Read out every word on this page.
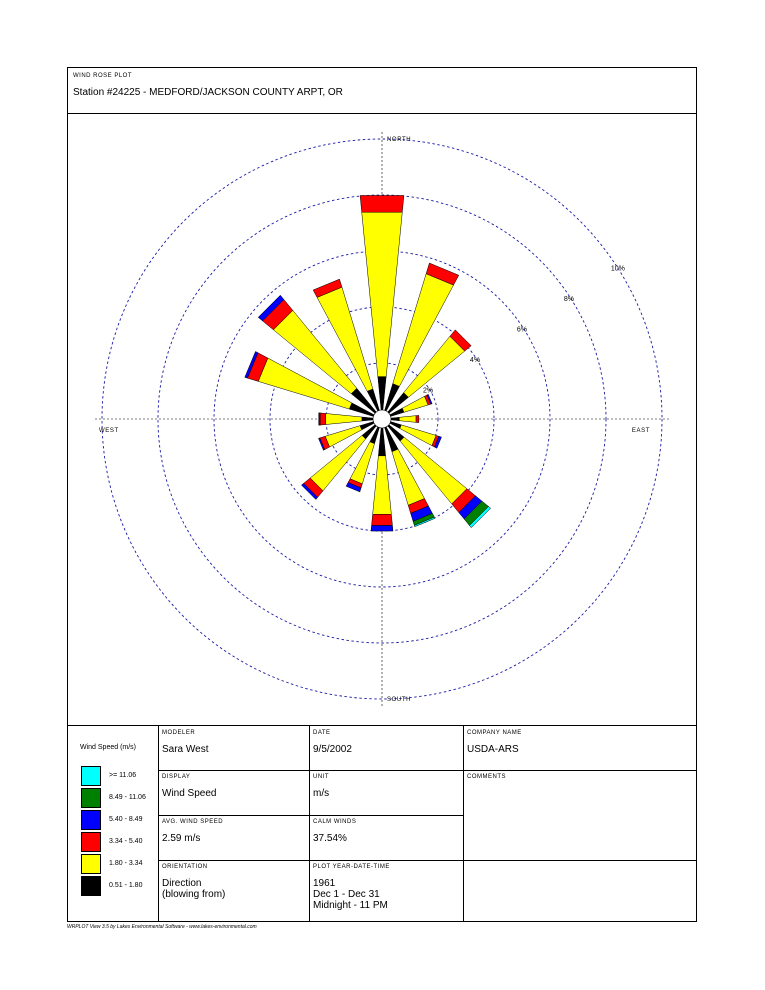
WIND ROSE PLOT
Station #24225 - MEDFORD/JACKSON COUNTY ARPT, OR
2%
4%
6%
8%
10%
NORTH
SOUTH
EAST
WEST
Wind Speed (m/s)
>= 11.06
8.49 - 11.06
5.40 - 8.49
3.34 - 5.40
1.80 - 3.34
0.51 - 1.80
MODELER
Sara West
DATE
9/5/2002
COMPANY NAME
USDA-ARS
DISPLAY
Wind Speed
UNIT
m/s
COMMENTS
AVG. WIND SPEED
2.59 m/s
CALM WINDS
37.54%
ORIENTATION
Direction
(blowing from)
PLOT YEAR-DATE-TIME
1961
Dec 1 - Dec 31
Midnight - 11 PM
WRPLOT View 3.5 by Lakes Environmental Software - www.lakes-environmental.com
